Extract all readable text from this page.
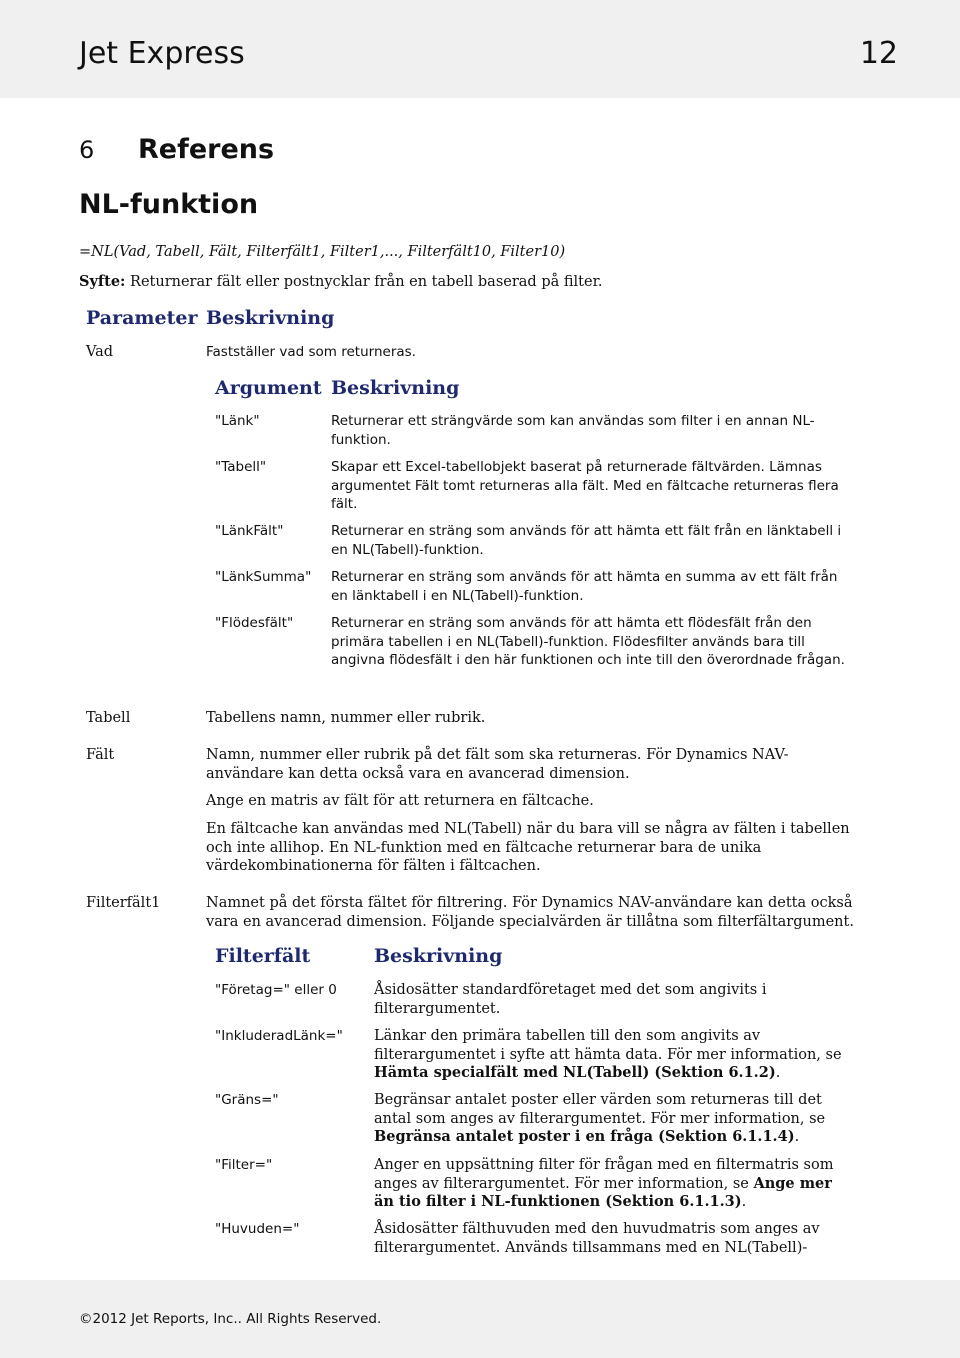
Jet Express	12
6 Referens
NL-funktion
=NL(Vad, Tabell, Fält, Filterfält1, Filter1,..., Filterfält10, Filter10)
Syfte: Returnerar fält eller postnycklar från en tabell baserad på filter.
Parameter Beskrivning
Vad	Fastställer vad som returneras.
Argument Beskrivning
"Länk"	Returnerar ett strängvärde som kan användas som filter i en annan NL-funktion.
"Tabell"	Skapar ett Excel-tabellobjekt baserat på returnerade fältvärden. Lämnas argumentet Fält tomt returneras alla fält. Med en fältcache returneras flera fält.
"LänkFält"	Returnerar en sträng som används för att hämta ett fält från en länktabell i en NL(Tabell)-funktion.
"LänkSumma" Returnerar en sträng som används för att hämta en summa av ett fält från en länktabell i en NL(Tabell)-funktion.
"Flödesfält"	Returnerar en sträng som används för att hämta ett flödesfält från den primära tabellen i en NL(Tabell)-funktion. Flödesfilter används bara till angivna flödesfält i den här funktionen och inte till den överordnade frågan.
Tabell	Tabellens namn, nummer eller rubrik.
Fält	Namn, nummer eller rubrik på det fält som ska returneras. För Dynamics NAV-användare kan detta också vara en avancerad dimension.
Ange en matris av fält för att returnera en fältcache.
En fältcache kan användas med NL(Tabell) när du bara vill se några av fälten i tabellen och inte allihop. En NL-funktion med en fältcache returnerar bara de unika värdekombinationerna för fälten i fältcachen.
Filterfält1	Namnet på det första fältet för filtrering. För Dynamics NAV-användare kan detta också vara en avancerad dimension. Följande specialvärden är tillåtna som filterfältargument.
Filterfält	Beskrivning
"Företag=" eller 0	Åsidosätter standardföretaget med det som angivits i filterargumentet.
"InkluderadLänk=" Länkar den primära tabellen till den som angivits av filterargumentet i syfte att hämta data. För mer information, se Hämta specialfält med NL(Tabell) (Sektion 6.1.2).
"Gräns="	Begränsar antalet poster eller värden som returneras till det antal som anges av filterargumentet. För mer information, se Begränsa antalet poster i en fråga (Sektion 6.1.1.4).
"Filter="	Anger en uppsättning filter för frågan med en filtermatris som anges av filterargumentet. För mer information, se Ange mer än tio filter i NL-funktionen (Sektion 6.1.1.3).
"Huvuden="	Åsidosätter fälthuvuden med den huvudmatris som anges av filterargumentet. Används tillsammans med en NL(Tabell)-
©2012 Jet Reports, Inc.. All Rights Reserved.
